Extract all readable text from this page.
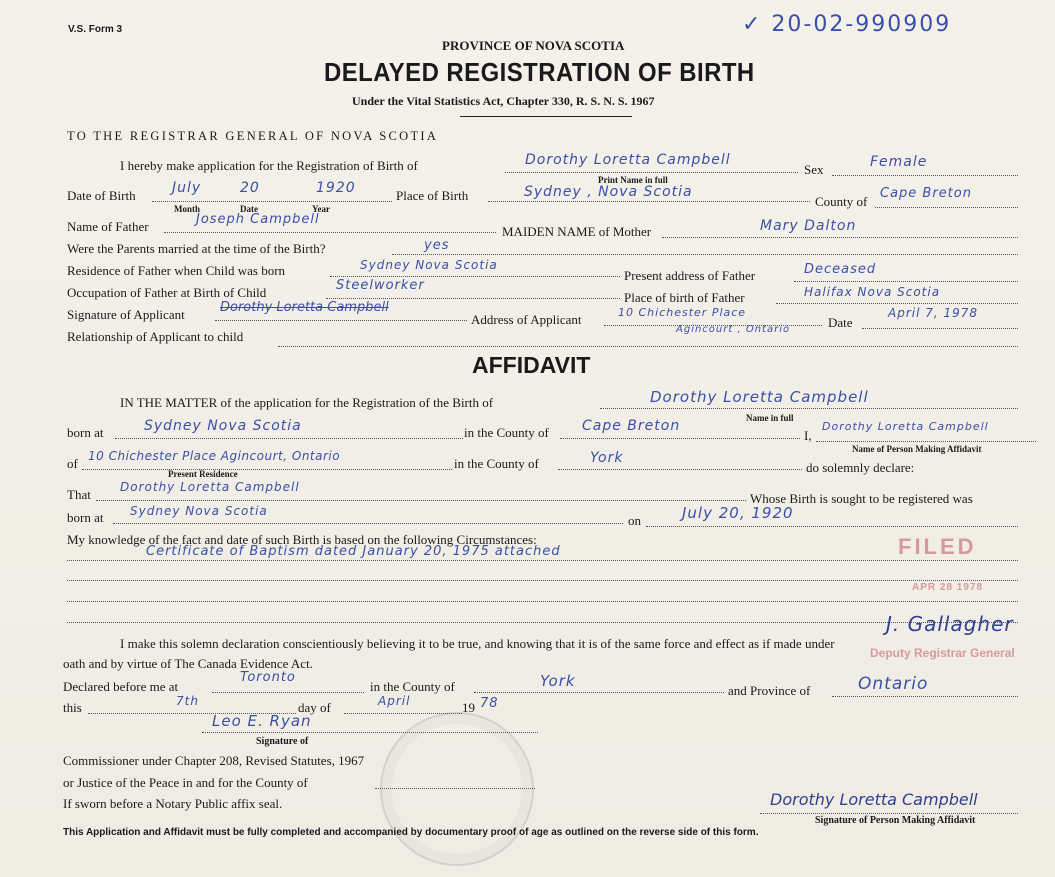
V.S. Form 3	✓ 20-02-990909
PROVINCE OF NOVA SCOTIA
DELAYED REGISTRATION OF BIRTH
Under the Vital Statistics Act, Chapter 330, R. S. N. S. 1967
TO THE REGISTRAR GENERAL OF NOVA SCOTIA
I hereby make application for the Registration of Birth of	Dorothy Loretta Campbell
Print Name in full
Sex	Female
Date of Birth	July	20	1920
Month	Date	Year
Place of Birth	Sydney , Nova Scotia
County of
Cape Breton
Name of Father	Joseph Campbell
MAIDEN NAME of Mother	Mary Dalton
Were the Parents married at the time of the Birth?	yes
Residence of Father when Child was born	Sydney Nova Scotia
Present address of Father	Deceased
Occupation of Father at Birth of Child	Steelworker
Place of birth of Father	Halifax Nova Scotia
Signature of Applicant	Dorothy Loretta Campbell
Address of Applicant	10 Chichester Place
Agincourt , Ontario	Date
April 7, 1978
Relationship of Applicant to child
AFFIDAVIT
IN THE MATTER of the application for the Registration of the Birth of	Dorothy Loretta Campbell
Name in full
born at	Sydney Nova Scotia	in the County of Cape Breton
I,
Dorothy Loretta Campbell
Name of Person Making Affidavit
of 10 Chichester Place Agincourt, Ontario
Present Residence
in the County of	York
do solemnly declare:
That Dorothy Loretta Campbell
Whose Birth is sought to be registered was
born at Sydney Nova Scotia
on	July 20, 1920
My knowledge of the fact and date of such Birth is based on the following Circumstances:
Certificate of Baptism dated January 20, 1975 attached	FILED
APR 28 1978
J. Gallagher
Deputy Registrar General
I make this solemn declaration conscientiously believing it to be true, and knowing that it is of the same force and effect as if made under
oath and by virtue of The Canada Evidence Act.
Declared before me at
Toronto
in the County of	York
and Province of	Ontario
this	7th	day of	April	19 78
Leo E. Ryan
Signature of
Commissioner under Chapter 208, Revised Statutes, 1967
or Justice of the Peace in and for the County of
If sworn before a Notary Public affix seal.	Dorothy Loretta Campbell
Signature of Person Making Affidavit
This Application and Affidavit must be fully completed and accompanied by documentary proof of age as outlined on the reverse side of this form.
